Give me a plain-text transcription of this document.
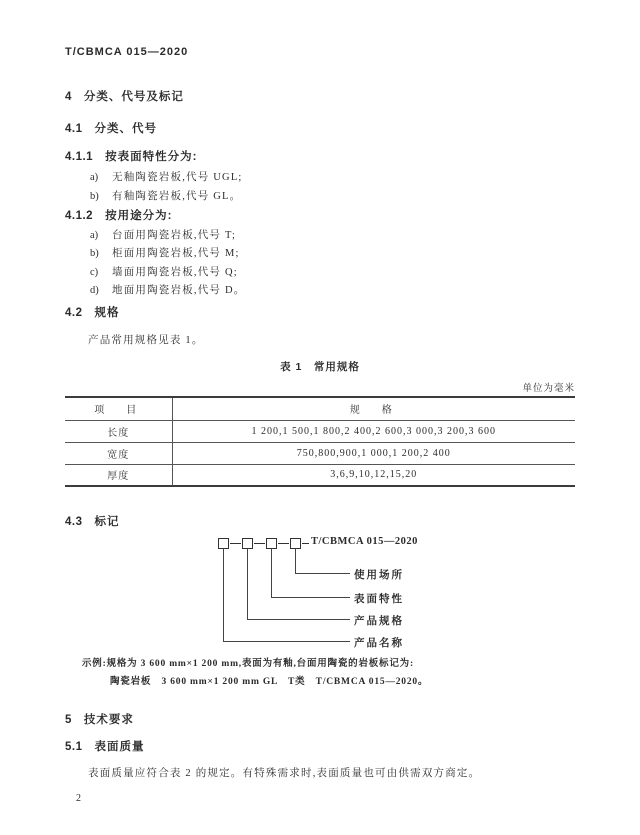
T/CBMCA 015—2020
4 分类、代号及标记
4.1 分类、代号
4.1.1 按表面特性分为:
a) 无釉陶瓷岩板,代号 UGL;
b) 有釉陶瓷岩板,代号 GL。
4.1.2 按用途分为:
a) 台面用陶瓷岩板,代号 T;
b) 柜面用陶瓷岩板,代号 M;
c) 墙面用陶瓷岩板,代号 Q;
d) 地面用陶瓷岩板,代号 D。
4.2 规格
产品常用规格见表 1。
表 1　常用规格
单位为毫米
项　目	规　格
长度	1 200,1 500,1 800,2 400,2 600,3 000,3 200,3 600
宽度	750,800,900,1 000,1 200,2 400
厚度	3,6,9,10,12,15,20
4.3 标记
T/CBMCA 015—2020
使用场所
表面特性
产品规格
产品名称
示例:规格为 3 600 mm×1 200 mm,表面为有釉,台面用陶瓷的岩板标记为:
陶瓷岩板　3 600 mm×1 200 mm GL　T类　T/CBMCA 015—2020。
5 技术要求
5.1 表面质量
表面质量应符合表 2 的规定。有特殊需求时,表面质量也可由供需双方商定。
2
